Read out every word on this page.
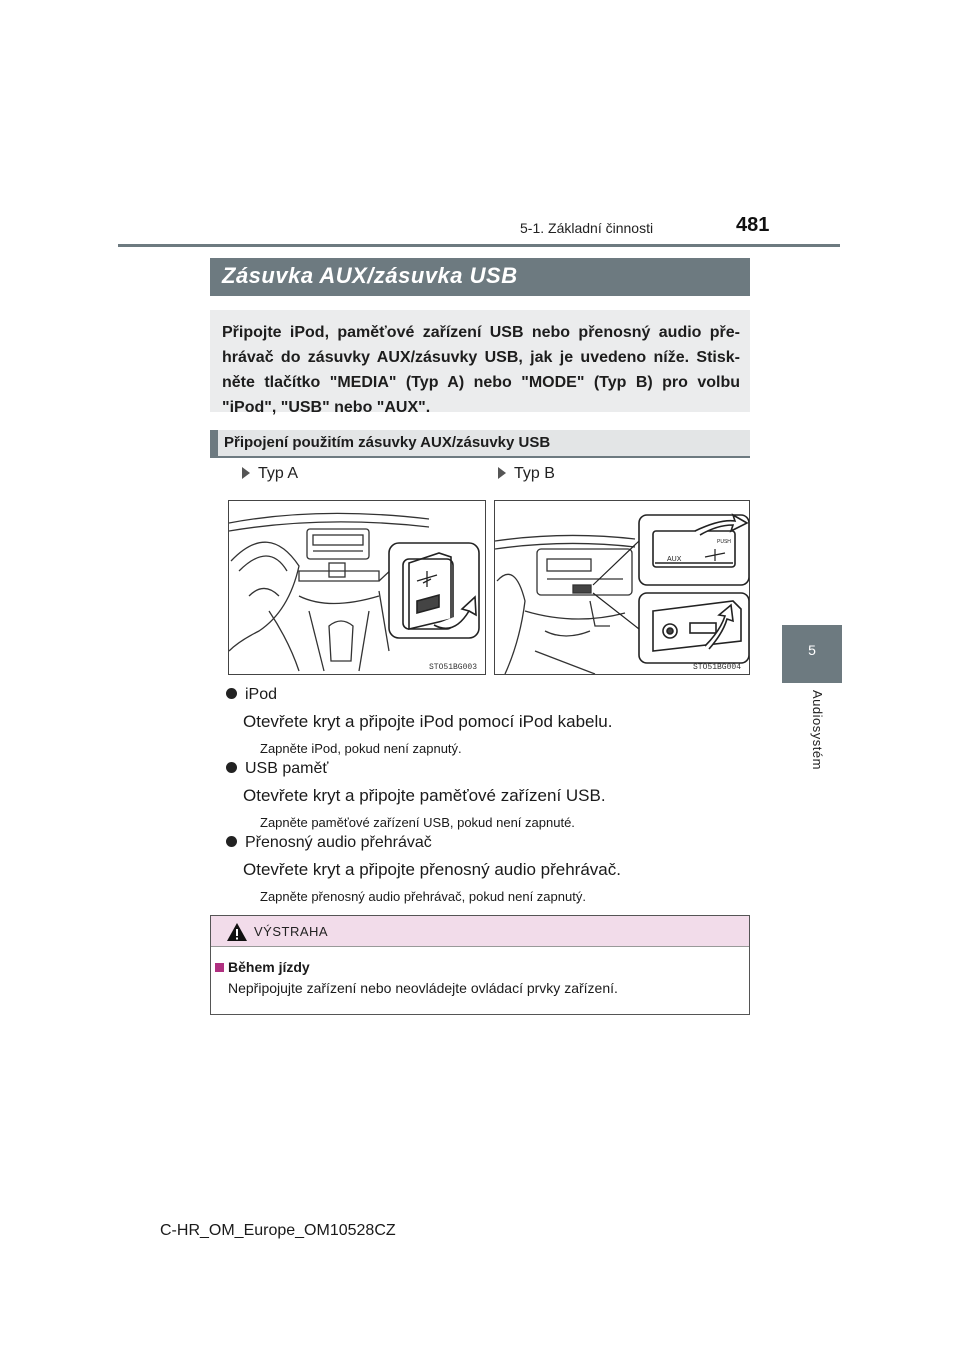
5-1. Základní činnosti	481
5
Audiosystém
Zásuvka AUX/zásuvka USB
Připojte iPod, paměťové zařízení USB nebo přenosný audio pře-hrávač do zásuvky AUX/zásuvky USB, jak je uvedeno níže. Stisk-něte tlačítko "MEDIA" (Typ A) nebo "MODE" (Typ B) pro volbu "iPod", "USB" nebo "AUX".
Připojení použitím zásuvky AUX/zásuvky USB
Typ A	Typ B
STO51BG003
AUX
PUSH
STO51BG004
iPod
Otevřete kryt a připojte iPod pomocí iPod kabelu.
Zapněte iPod, pokud není zapnutý.
USB paměť
Otevřete kryt a připojte paměťové zařízení USB.
Zapněte paměťové zařízení USB, pokud není zapnuté.
Přenosný audio přehrávač
Otevřete kryt a připojte přenosný audio přehrávač.
Zapněte přenosný audio přehrávač, pokud není zapnutý.
VÝSTRAHA
Během jízdy
Nepřipojujte zařízení nebo neovládejte ovládací prvky zařízení.
C-HR_OM_Europe_OM10528CZ
